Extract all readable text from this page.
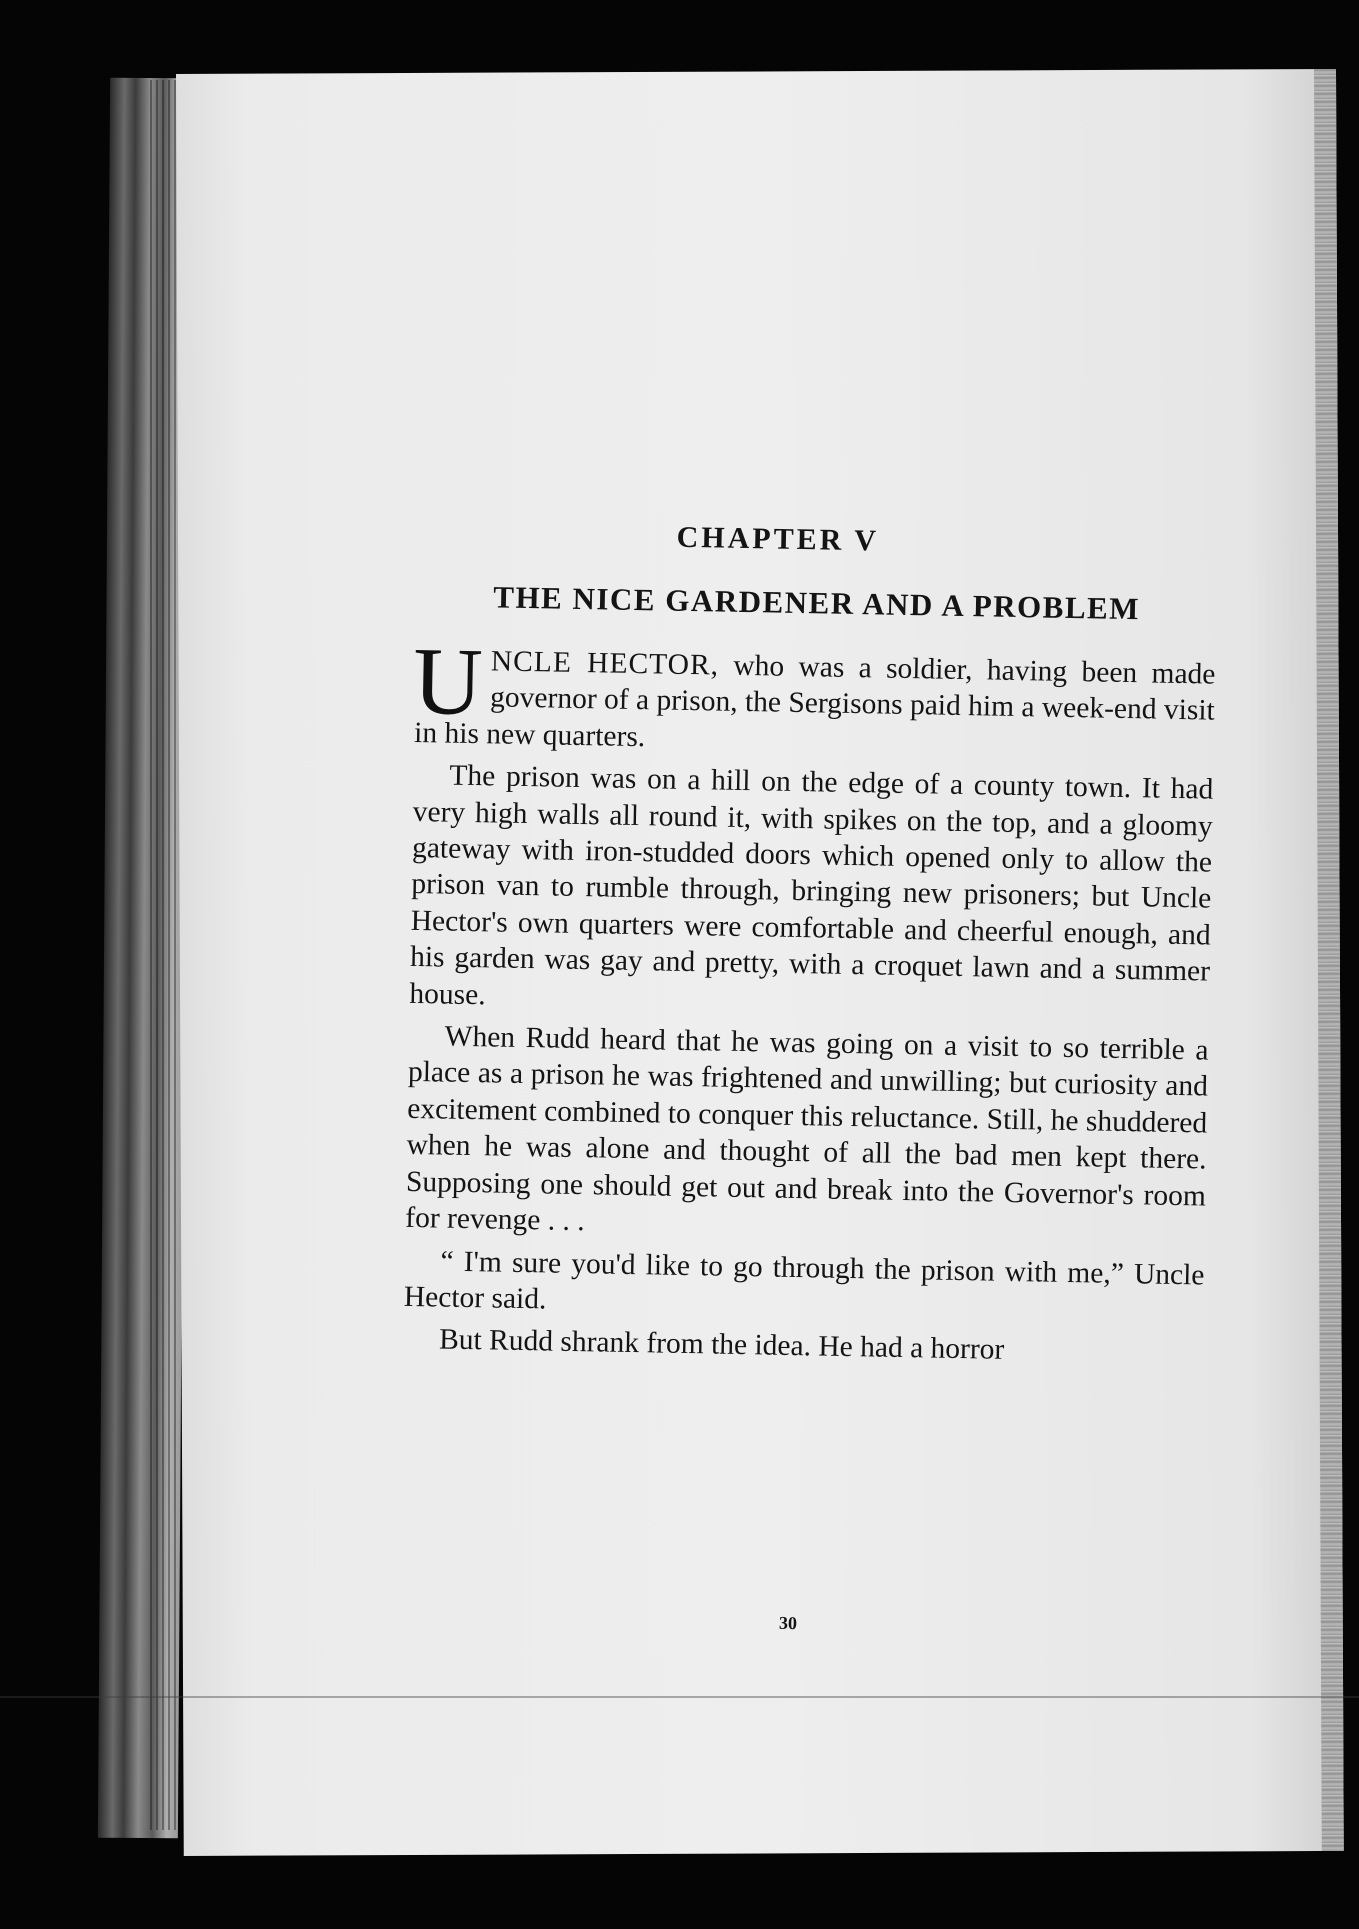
CHAPTER V
THE NICE GARDENER AND A PROBLEM

UNCLE HECTOR, who was a soldier, having been made governor of a prison, the Sergisons paid him a week-end visit in his new quarters.

The prison was on a hill on the edge of a county town. It had very high walls all round it, with spikes on the top, and a gloomy gateway with iron-studded doors which opened only to allow the prison van to rumble through, bringing new prisoners; but Uncle Hector's own quarters were comfortable and cheerful enough, and his garden was gay and pretty, with a croquet lawn and a summer house.

When Rudd heard that he was going on a visit to so terrible a place as a prison he was frightened and unwilling; but curiosity and excitement combined to conquer this reluctance. Still, he shuddered when he was alone and thought of all the bad men kept there. Supposing one should get out and break into the Governor's room for revenge . . .

“ I'm sure you'd like to go through the prison with me,” Uncle Hector said.

But Rudd shrank from the idea. He had a horror

30
